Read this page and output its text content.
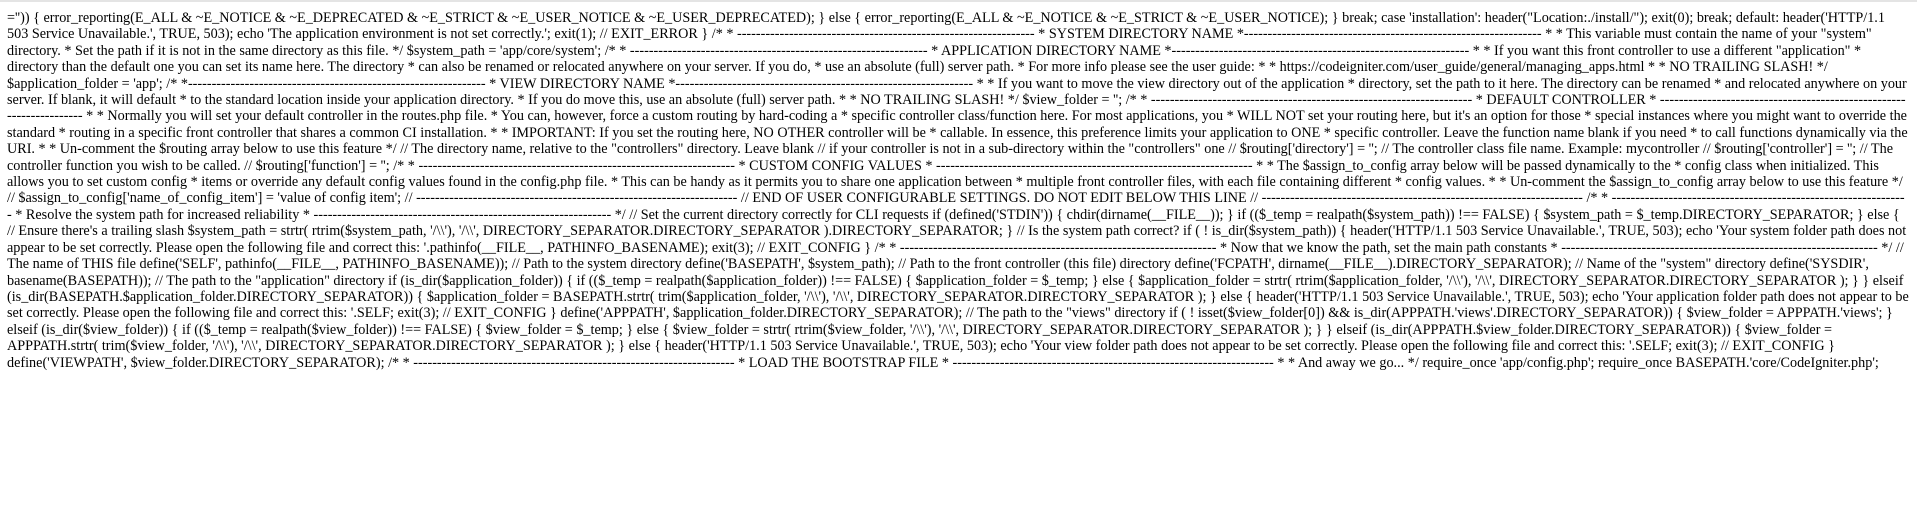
='')) { error_reporting(E_ALL & ~E_NOTICE & ~E_DEPRECATED & ~E_STRICT & ~E_USER_NOTICE & ~E_USER_DEPRECATED); } else { error_reporting(E_ALL & ~E_NOTICE & ~E_STRICT & ~E_USER_NOTICE); } break; case 'installation': header("Location:./install/"); exit(0); break; default: header('HTTP/1.1 503 Service Unavailable.', TRUE, 503); echo 'The application environment is not set correctly.'; exit(1); // EXIT_ERROR } /* * --------------------------------------------------------------- * SYSTEM DIRECTORY NAME *--------------------------------------------------------------- * * This variable must contain the name of your "system" directory. * Set the path if it is not in the same directory as this file. */ $system_path = 'app/core/system'; /* * --------------------------------------------------------------- * APPLICATION DIRECTORY NAME *--------------------------------------------------------------- * * If you want this front controller to use a different "application" * directory than the default one you can set its name here. The directory * can also be renamed or relocated anywhere on your server. If you do, * use an absolute (full) server path. * For more info please see the user guide: * * https://codeigniter.com/user_guide/general/managing_apps.html * * NO TRAILING SLASH! */ $application_folder = 'app'; /* *--------------------------------------------------------------- * VIEW DIRECTORY NAME *--------------------------------------------------------------- * * If you want to move the view directory out of the application * directory, set the path to it here. The directory can be renamed * and relocated anywhere on your server. If blank, it will default * to the standard location inside your application directory. * If you do move this, use an absolute (full) server path. * * NO TRAILING SLASH! */ $view_folder = ''; /* * -------------------------------------------------------------------- * DEFAULT CONTROLLER * -------------------------------------------------------------------- * * Normally you will set your default controller in the routes.php file. * You can, however, force a custom routing by hard-coding a * specific controller class/function here. For most applications, you * WILL NOT set your routing here, but it's an option for those * special instances where you might want to override the standard * routing in a specific front controller that shares a common CI installation. * * IMPORTANT: If you set the routing here, NO OTHER controller will be * callable. In essence, this preference limits your application to ONE * specific controller. Leave the function name blank if you need * to call functions dynamically via the URI. * * Un-comment the $routing array below to use this feature */ // The directory name, relative to the "controllers" directory. Leave blank // if your controller is not in a sub-directory within the "controllers" one // $routing['directory'] = ''; // The controller class file name. Example: mycontroller // $routing['controller'] = ''; // The controller function you wish to be called. // $routing['function'] = ''; /* * ------------------------------------------------------------------- * CUSTOM CONFIG VALUES * ------------------------------------------------------------------- * * The $assign_to_config array below will be passed dynamically to the * config class when initialized. This allows you to set custom config * items or override any default config values found in the config.php file. * This can be handy as it permits you to share one application between * multiple front controller files, with each file containing different * config values. * * Un-comment the $assign_to_config array below to use this feature */ // $assign_to_config['name_of_config_item'] = 'value of config item'; // -------------------------------------------------------------------- // END OF USER CONFIGURABLE SETTINGS. DO NOT EDIT BELOW THIS LINE // -------------------------------------------------------------------- /* * --------------------------------------------------------------- * Resolve the system path for increased reliability * --------------------------------------------------------------- */ // Set the current directory correctly for CLI requests if (defined('STDIN')) { chdir(dirname(__FILE__)); } if (($_temp = realpath($system_path)) !== FALSE) { $system_path = $_temp.DIRECTORY_SEPARATOR; } else { // Ensure there's a trailing slash $system_path = strtr( rtrim($system_path, '/\\'), '/\\', DIRECTORY_SEPARATOR.DIRECTORY_SEPARATOR ).DIRECTORY_SEPARATOR; } // Is the system path correct? if ( ! is_dir($system_path)) { header('HTTP/1.1 503 Service Unavailable.', TRUE, 503); echo 'Your system folder path does not appear to be set correctly. Please open the following file and correct this: '.pathinfo(__FILE__, PATHINFO_BASENAME); exit(3); // EXIT_CONFIG } /* * ------------------------------------------------------------------- * Now that we know the path, set the main path constants * ------------------------------------------------------------------- */ // The name of THIS file define('SELF', pathinfo(__FILE__, PATHINFO_BASENAME)); // Path to the system directory define('BASEPATH', $system_path); // Path to the front controller (this file) directory define('FCPATH', dirname(__FILE__).DIRECTORY_SEPARATOR); // Name of the "system" directory define('SYSDIR', basename(BASEPATH)); // The path to the "application" directory if (is_dir($application_folder)) { if (($_temp = realpath($application_folder)) !== FALSE) { $application_folder = $_temp; } else { $application_folder = strtr( rtrim($application_folder, '/\\'), '/\\', DIRECTORY_SEPARATOR.DIRECTORY_SEPARATOR ); } } elseif (is_dir(BASEPATH.$application_folder.DIRECTORY_SEPARATOR)) { $application_folder = BASEPATH.strtr( trim($application_folder, '/\\'), '/\\', DIRECTORY_SEPARATOR.DIRECTORY_SEPARATOR ); } else { header('HTTP/1.1 503 Service Unavailable.', TRUE, 503); echo 'Your application folder path does not appear to be set correctly. Please open the following file and correct this: '.SELF; exit(3); // EXIT_CONFIG } define('APPPATH', $application_folder.DIRECTORY_SEPARATOR); // The path to the "views" directory if ( ! isset($view_folder[0]) && is_dir(APPPATH.'views'.DIRECTORY_SEPARATOR)) { $view_folder = APPPATH.'views'; } elseif (is_dir($view_folder)) { if (($_temp = realpath($view_folder)) !== FALSE) { $view_folder = $_temp; } else { $view_folder = strtr( rtrim($view_folder, '/\\'), '/\\', DIRECTORY_SEPARATOR.DIRECTORY_SEPARATOR ); } } elseif (is_dir(APPPATH.$view_folder.DIRECTORY_SEPARATOR)) { $view_folder = APPPATH.strtr( trim($view_folder, '/\\'), '/\\', DIRECTORY_SEPARATOR.DIRECTORY_SEPARATOR ); } else { header('HTTP/1.1 503 Service Unavailable.', TRUE, 503); echo 'Your view folder path does not appear to be set correctly. Please open the following file and correct this: '.SELF; exit(3); // EXIT_CONFIG } define('VIEWPATH', $view_folder.DIRECTORY_SEPARATOR); /* * -------------------------------------------------------------------- * LOAD THE BOOTSTRAP FILE * -------------------------------------------------------------------- * * And away we go... */ require_once 'app/config.php'; require_once BASEPATH.'core/CodeIgniter.php';
